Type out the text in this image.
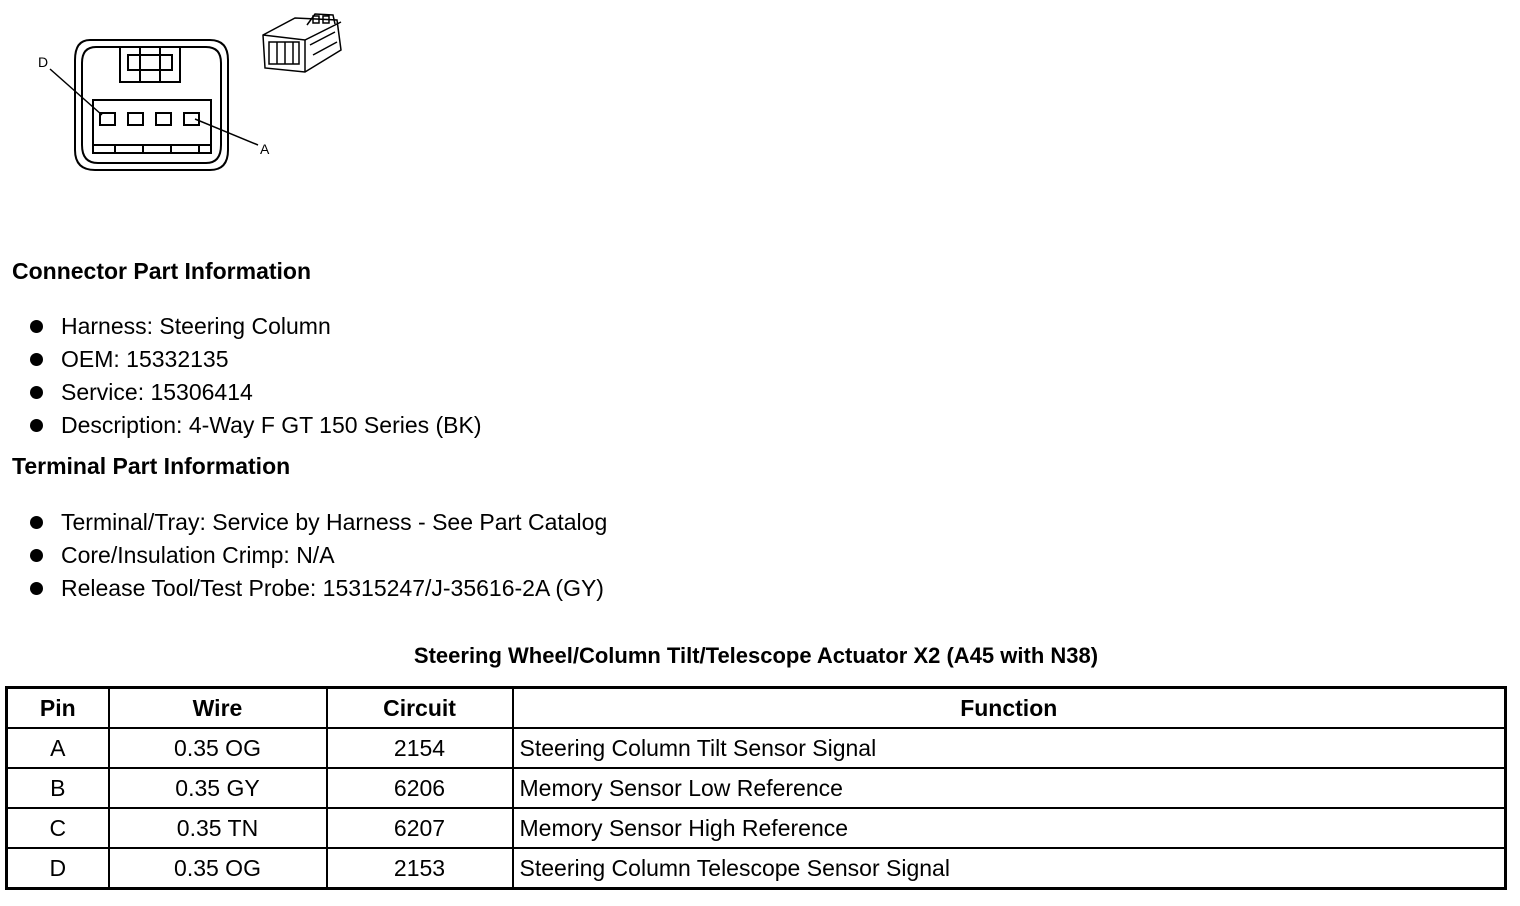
D
A
Connector Part Information
Harness: Steering Column
OEM: 15332135
Service: 15306414
Description: 4-Way F GT 150 Series (BK)
Terminal Part Information
Terminal/Tray: Service by Harness - See Part Catalog
Core/Insulation Crimp: N/A
Release Tool/Test Probe: 15315247/J-35616-2A (GY)
Steering Wheel/Column Tilt/Telescope Actuator X2 (A45 with N38)
Pin	Wire	Circuit	Function
A	0.35 OG	2154	Steering Column Tilt Sensor Signal
B	0.35 GY	6206	Memory Sensor Low Reference
C	0.35 TN	6207	Memory Sensor High Reference
D	0.35 OG	2153	Steering Column Telescope Sensor Signal
